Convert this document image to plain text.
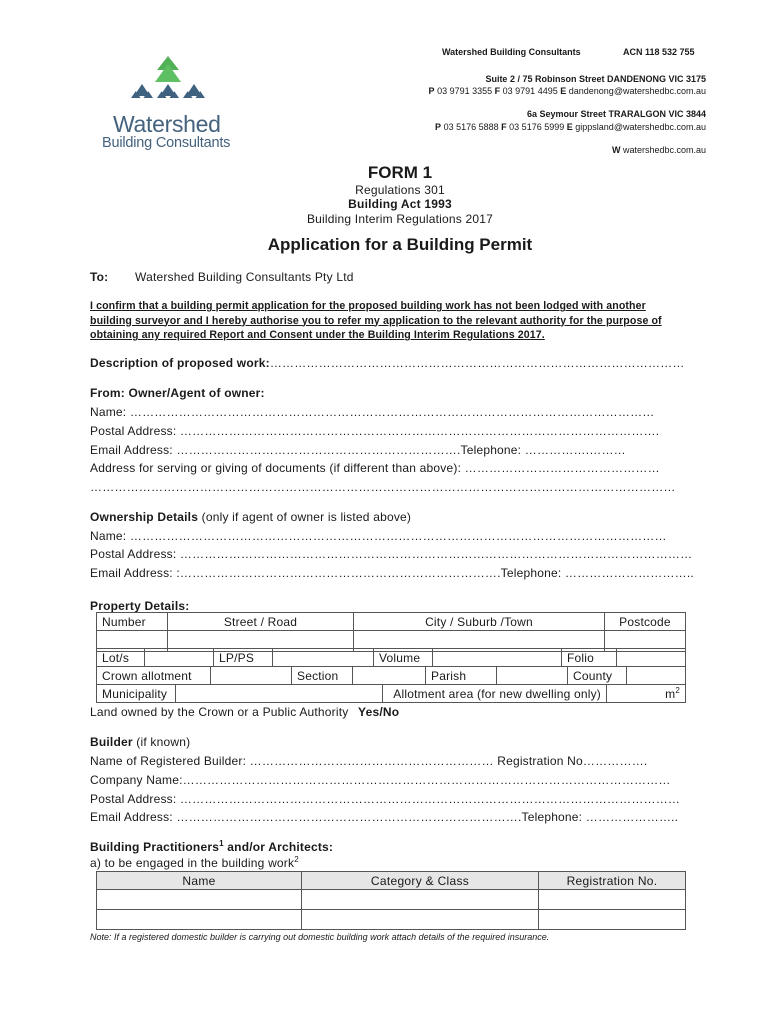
Watershed
Building Consultants
Watershed Building Consultants	ACN 118 532 755
Suite 2 / 75 Robinson Street DANDENONG VIC 3175
P 03 9791 3355 F 03 9791 4495 E dandenong@watershedbc.com.au
6a Seymour Street TRARALGON VIC 3844
P 03 5176 5888 F 03 5176 5999 E gippsland@watershedbc.com.au
W watershedbc.com.au
FORM 1
Regulations 301
Building Act 1993
Building Interim Regulations 2017
Application for a Building Permit
To: Watershed Building Consultants Pty Ltd
I confirm that a building permit application for the proposed building work has not been lodged with another
building surveyor and I hereby authorise you to refer my application to the relevant authority for the purpose of
obtaining any required Report and Consent under the Building Interim Regulations 2017.
Description of proposed work:…………………………………………………………………………………………
From: Owner/Agent of owner:
Name: …………………………………………………………………………………………………………………
Postal Address: ……………………………………………………………………………………………………….
Email Address: …………………………………………………………….Telephone: …………….………
Address for serving or giving of documents (if different than above): …………………………………………
………………………………………………………………………………………………………………………………
Ownership Details (only if agent of owner is listed above)
Name: ……………………………………………………………………………………………………………………
Postal Address: ………………………………………………………………………………………………………………
Email Address: :…………………………………………………………………….Telephone: …………………………..
Property Details:
Number	Street / Road	City / Suburb /Town	Postcode

Lot/s		LP/PS		Volume		Folio	
Crown allotment		Section		Parish		County	
Municipality		Allotment area (for new dwelling only)	$m^2$
Land owned by the Crown or a Public Authority Yes/No
Builder (if known)
Name of Registered Builder: …………………………………………………… Registration No…………….
Company Name:…………………………………………………………………………………………………………
Postal Address: ……………………………………………………………………………………………………………
Email Address: ………………………………………………………………………….Telephone: …………………..
Building Practitioners$^1$ and/or Architects:
a) to be engaged in the building work$^2$
Name	Category & Class	Registration No.

Note: If a registered domestic builder is carrying out domestic building work attach details of the required insurance.
